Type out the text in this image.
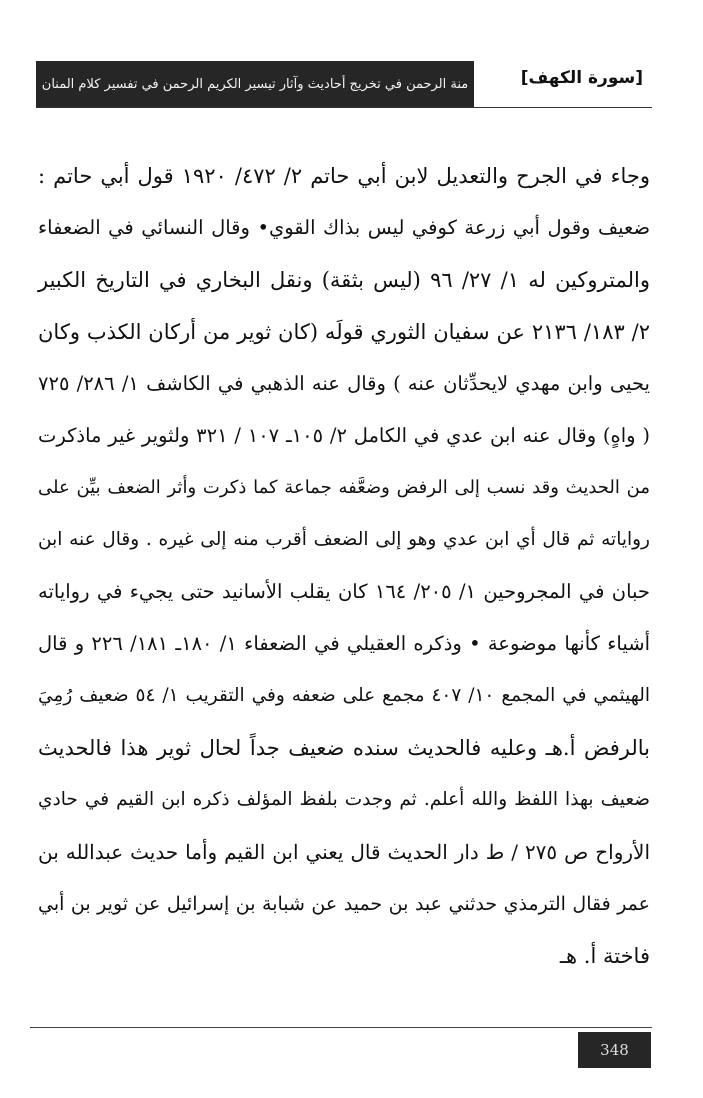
منة الرحمن في تخريج أحاديث وآثار تيسير الكريم الرحمن في تفسير كلام المنان	[سورة الكهف]
وجاء في الجرح والتعديل لابن أبي حاتم ٢/ ٤٧٢/ ١٩٢٠ قول أبي حاتم :
ضعيف وقول أبي زرعة كوفي ليس بذاك القوي• وقال النسائي في الضعفاء
والمتروكين له ١/ ٢٧/ ٩٦ (ليس بثقة) ونقل البخاري في التاريخ الكبير
٢/ ١٨٣/ ٢١٣٦ عن سفيان الثوري قولَه (كان ثوير من أركان الكذب وكان
يحيى وابن مهدي لايحدِّثان عنه ) وقال عنه الذهبي في الكاشف ١/ ٢٨٦/ ٧٢٥
( واهٍ) وقال عنه ابن عدي في الكامل ٢/ ١٠٥ـ ١٠٧ / ٣٢١ ولثوير غير ماذكرت
من الحديث وقد نسب إلى الرفض وضعَّفه جماعة كما ذكرت وأثر الضعف بيِّن على
رواياته ثم قال أي ابن عدي وهو إلى الضعف أقرب منه إلى غيره . وقال عنه ابن
حبان في المجروحين ١/ ٢٠٥/ ١٦٤ كان يقلب الأسانيد حتى يجيء في رواياته
أشياء كأنها موضوعة • وذكره العقيلي في الضعفاء ١/ ١٨٠ـ ١٨١/ ٢٢٦ و قال
الهيثمي في المجمع ١٠/ ٤٠٧ مجمع على ضعفه وفي التقريب ١/ ٥٤ ضعيف رُمِيَ
بالرفض أ.هـ وعليه فالحديث سنده ضعيف جداً لحال ثوير هذا فالحديث
ضعيف بهذا اللفظ والله أعلم. ثم وجدت بلفظ المؤلف ذكره ابن القيم في حادي
الأرواح ص ٢٧٥ / ط دار الحديث قال يعني ابن القيم وأما حديث عبدالله بن
عمر فقال الترمذي حدثني عبد بن حميد عن شبابة بن إسرائيل عن ثوير بن أبي
فاختة أ. هـ
348
